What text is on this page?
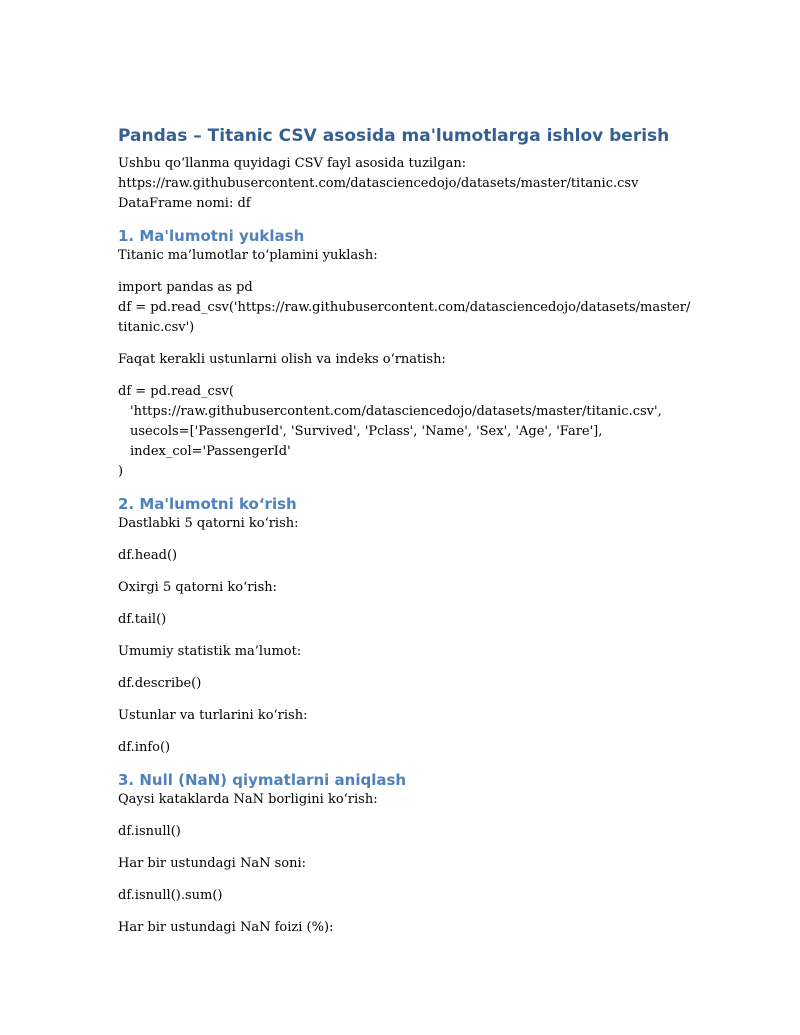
Pandas – Titanic CSV asosida ma'lumotlarga ishlov berish

Ushbu qo‘llanma quyidagi CSV fayl asosida tuzilgan:

https://raw.githubusercontent.com/datasciencedojo/datasets/master/titanic.csv

DataFrame nomi: df

1. Ma'lumotni yuklash

Titanic ma’lumotlar to‘plamini yuklash:

import pandas as pd

df = pd.read_csv('https://raw.githubusercontent.com/datasciencedojo/datasets/master/

titanic.csv')

Faqat kerakli ustunlarni olish va indeks o‘rnatish:

df = pd.read_csv(

'https://raw.githubusercontent.com/datasciencedojo/datasets/master/titanic.csv',

usecols=['PassengerId', 'Survived', 'Pclass', 'Name', 'Sex', 'Age', 'Fare'],

index_col='PassengerId'

)

2. Ma'lumotni ko‘rish

Dastlabki 5 qatorni ko‘rish:

df.head()

Oxirgi 5 qatorni ko‘rish:

df.tail()

Umumiy statistik ma’lumot:

df.describe()

Ustunlar va turlarini ko‘rish:

df.info()

3. Null (NaN) qiymatlarni aniqlash

Qaysi kataklarda NaN borligini ko‘rish:

df.isnull()

Har bir ustundagi NaN soni:

df.isnull().sum()

Har bir ustundagi NaN foizi (%):
